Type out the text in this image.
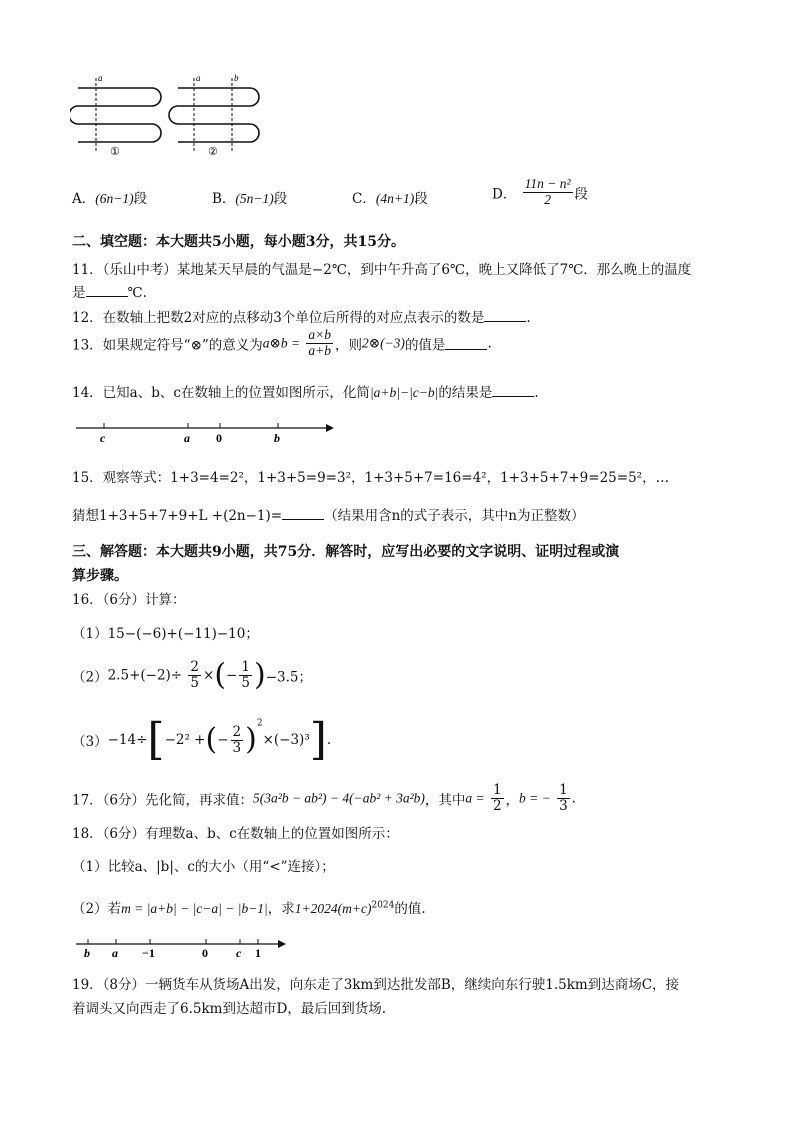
a
①
a	b
②
A．(6n−1)段	B．(5n−1)段	C．(4n+1)段	D． $\frac{\text{11n − n²}}{2}$ 段
二、填空题：本大题共5小题，每小题3分，共15分。
11．（乐山中考）某地某天早晨的气温是−2℃，到中午升高了6℃，晚上又降低了7℃．那么晚上的温度
是	℃.
12．在数轴上把数2对应的点移动3个单位后所得的对应点表示的数是	.
13．如果规定符号“⊗”的意义为a⊗b = $\frac{a\times b}{a+b}$ ，则2⊗(−3)的值是	.
14．已知a、b、c在数轴上的位置如图所示，化简|a+b|−|c−b|的结果是	.
c	a 0	b
15．观察等式：1+3=4=2²，1+3+5=9=3²，1+3+5+7=16=4²，1+3+5+7+9=25=5²，…
猜想1+3+5+7+9+L +(2n−1)=	（结果用含n的式子表示，其中n为正整数）
三、解答题：本大题共9小题，共75分．解答时，应写出必要的文字说明、证明过程或演
算步骤。
16．（6分）计算：
（1）15−(−6)+(−11)−10；
$(2)2.5+(-2)\div \frac{2}{5}$ ×(− $\frac{1}{5} )-3.5$；
（3）−14÷[−2² +(− $\frac{2}{3} )^2\times(-3)^3$].
17．（6分）先化简，再求值：5(3a²b − ab²) − 4(−ab² + 3a²b)，其中$a = \frac{1}{2}$ ，b = − $\frac{1}{3}$ .
18．（6分）有理数a、b、c在数轴上的位置如图所示：
（1）比较a、|b|、c的大小（用“<”连接）；
（2）若m = |a+b| − |c−a| − |b−1|，求$1+2024(m+c)^{2024}$的值.
b a −1	0 c 1
19．（8分）一辆货车从货场A出发，向东走了3km到达批发部B，继续向东行驶1.5km到达商场C，接
着调头又向西走了6.5km到达超市D，最后回到货场.
